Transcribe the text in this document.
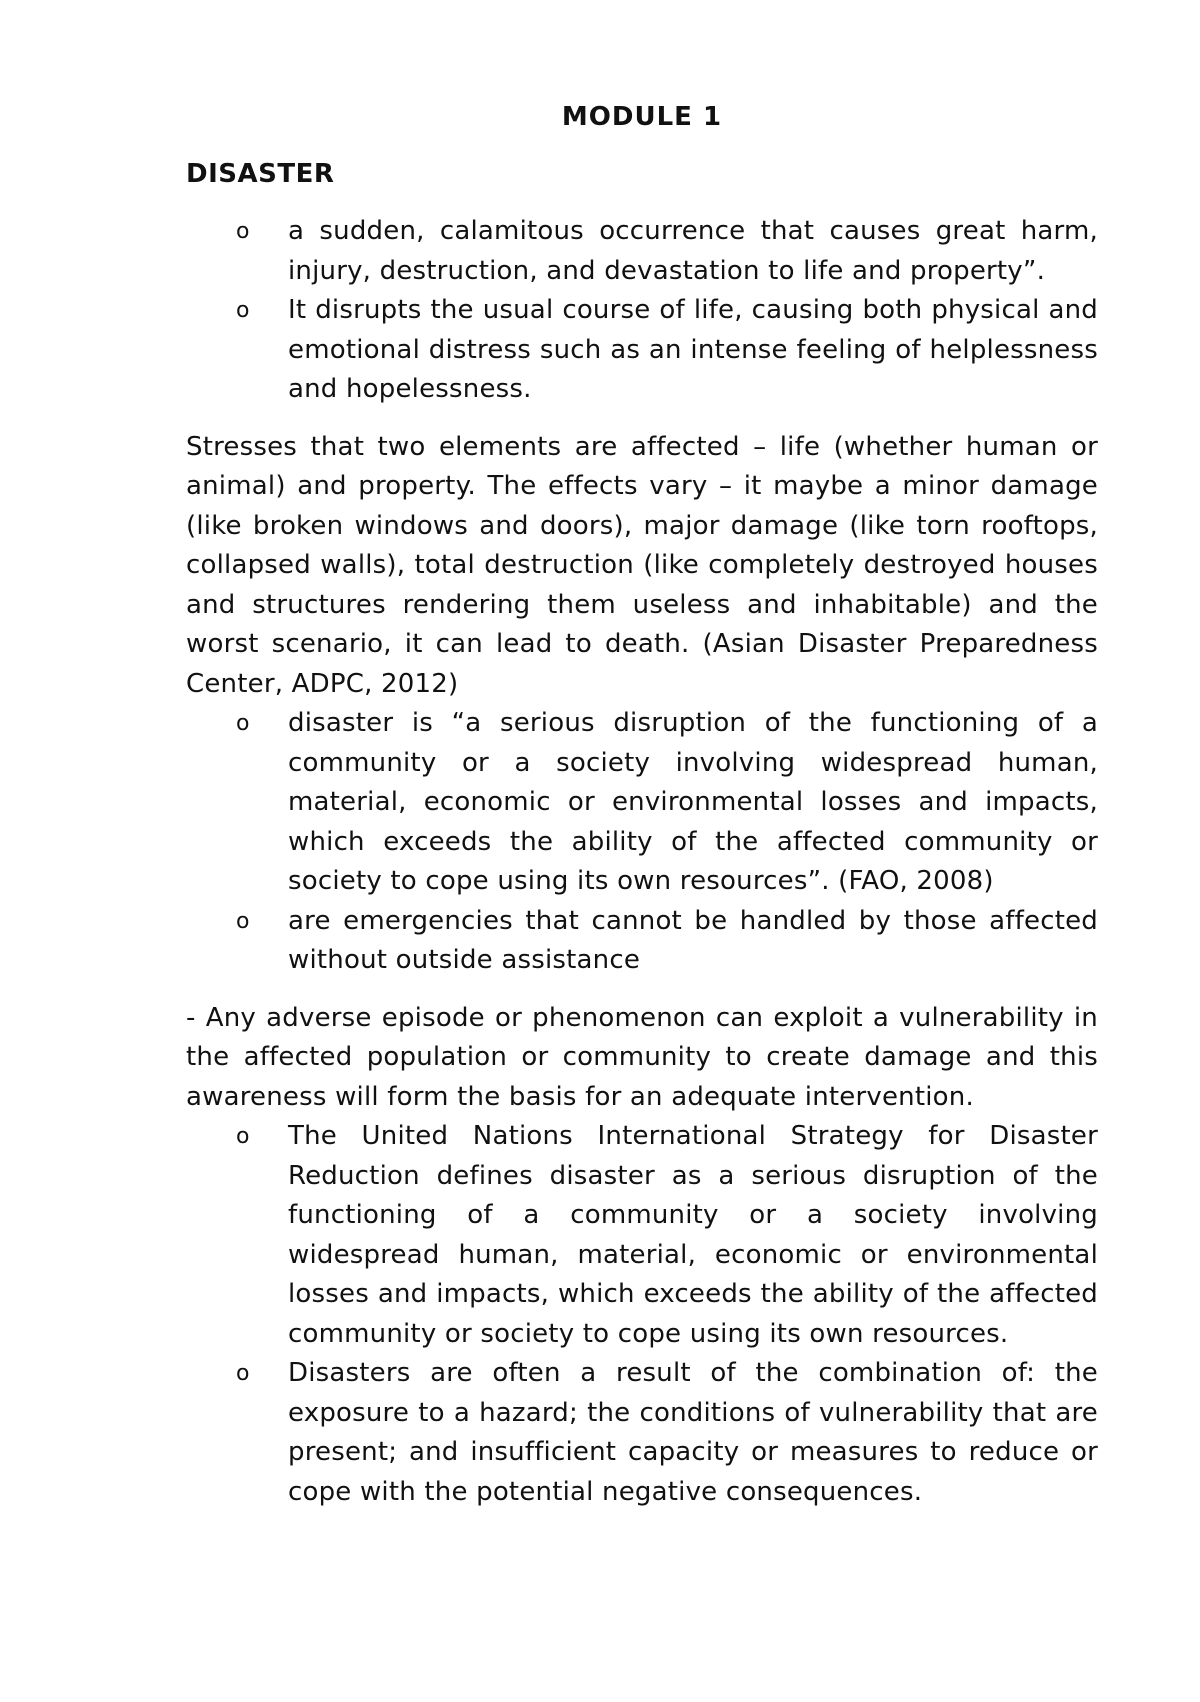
MODULE 1
DISASTER
o a sudden, calamitous occurrence that causes great harm, injury, destruction, and devastation to life and property”.
o It disrupts the usual course of life, causing both physical and emotional distress such as an intense feeling of helplessness and hopelessness.

Stresses that two elements are affected – life (whether human or animal) and property. The effects vary – it maybe a minor damage (like broken windows and doors), major damage (like torn rooftops, collapsed walls), total destruction (like completely destroyed houses and structures rendering them useless and inhabitable) and the worst scenario, it can lead to death. (Asian Disaster Preparedness Center, ADPC, 2012)

o disaster is “a serious disruption of the functioning of a community or a society involving widespread human, material, economic or environmental losses and impacts, which exceeds the ability of the affected community or society to cope using its own resources”. (FAO, 2008)
o are emergencies that cannot be handled by those affected without outside assistance

- Any adverse episode or phenomenon can exploit a vulnerability in the affected population or community to create damage and this awareness will form the basis for an adequate intervention.

o The United Nations International Strategy for Disaster Reduction defines disaster as a serious disruption of the functioning of a community or a society involving widespread human, material, economic or environmental losses and impacts, which exceeds the ability of the affected community or society to cope using its own resources.
o Disasters are often a result of the combination of: the exposure to a hazard; the conditions of vulnerability that are present; and insufficient capacity or measures to reduce or cope with the potential negative consequences.
